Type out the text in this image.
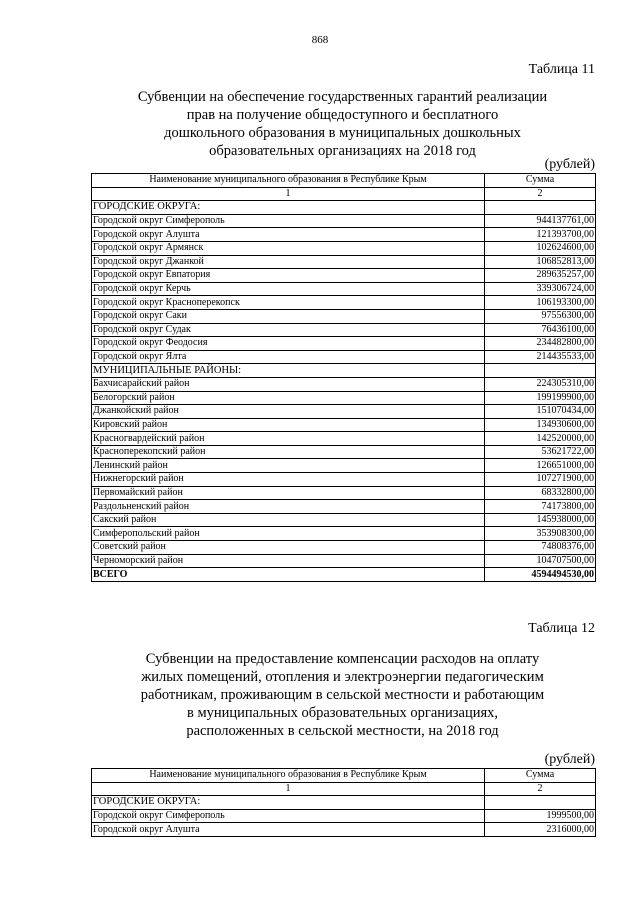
868
Таблица 11
Субвенции на обеспечение государственных гарантий реализации
прав на получение общедоступного и бесплатного
дошкольного образования в муниципальных дошкольных
образовательных организациях на 2018 год
(рублей)
Наименование муниципального образования в Республике Крым	Сумма
1	2
ГОРОДСКИЕ ОКРУГА:	
Городской округ Симферополь	944137761,00
Городской округ Алушта	121393700,00
Городской округ Армянск	102624600,00
Городской округ Джанкой	106852813,00
Городской округ Евпатория	289635257,00
Городской округ Керчь	339306724,00
Городской округ Красноперекопск	106193300,00
Городской округ Саки	97556300,00
Городской округ Судак	76436100,00
Городской округ Феодосия	234482800,00
Городской округ Ялта	214435533,00
МУНИЦИПАЛЬНЫЕ РАЙОНЫ:	
Бахчисарайский район	224305310,00
Белогорский район	199199900,00
Джанкойский район	151070434,00
Кировский район	134930600,00
Красногвардейский район	142520000,00
Красноперекопский район	53621722,00
Ленинский район	126651000,00
Нижнегорский район	107271900,00
Первомайский район	68332800,00
Раздольненский район	74173800,00
Сакский район	145938000,00
Симферопольский район	353908300,00
Советский район	74808376,00
Черноморский район	104707500,00
ВСЕГО	4594494530,00
Таблица 12
Субвенции на предоставление компенсации расходов на оплату
жилых помещений, отопления и электроэнергии педагогическим
работникам, проживающим в сельской местности и работающим
в муниципальных образовательных организациях,
расположенных в сельской местности, на 2018 год
(рублей)
Наименование муниципального образования в Республике Крым	Сумма
1	2
ГОРОДСКИЕ ОКРУГА:	
Городской округ Симферополь	1999500,00
Городской округ Алушта	2316000,00
